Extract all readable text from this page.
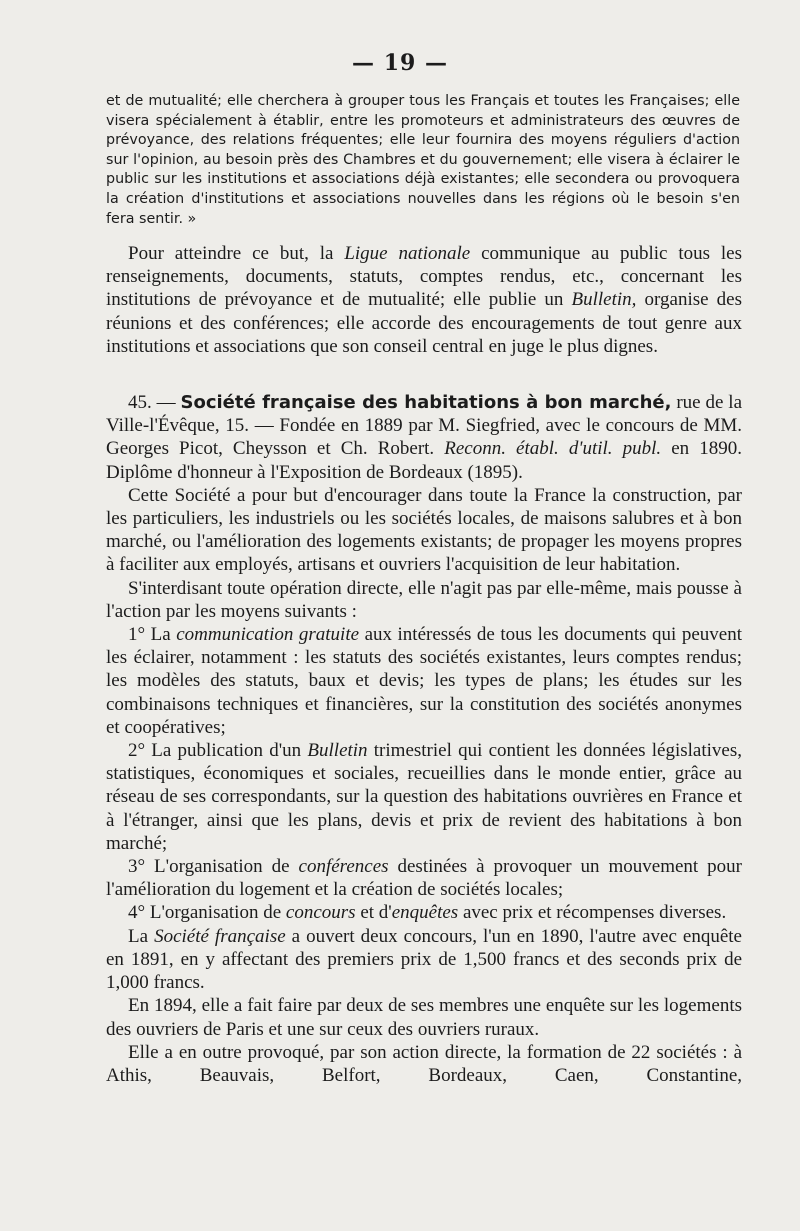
— 19 —

et de mutualité; elle cherchera à grouper tous les Français et toutes les Françaises; elle visera spécialement à établir, entre les promoteurs et administrateurs des œuvres de prévoyance, des relations fréquentes; elle leur fournira des moyens réguliers d'action sur l'opinion, au besoin près des Chambres et du gouvernement; elle visera à éclairer le public sur les institutions et associations déjà existantes; elle secondera ou provoquera la création d'institutions et associations nouvelles dans les régions où le besoin s'en fera sentir. »

Pour atteindre ce but, la Ligue nationale communique au public tous les renseignements, documents, statuts, comptes rendus, etc., concernant les institutions de prévoyance et de mutualité; elle publie un Bulletin, organise des réunions et des conférences; elle accorde des encouragements de tout genre aux institutions et associations que son conseil central en juge le plus dignes.

45. — Société française des habitations à bon marché, rue de la Ville-l'Évêque, 15. — Fondée en 1889 par M. Siegfried, avec le concours de MM. Georges Picot, Cheysson et Ch. Robert. Reconn. établ. d'util. publ. en 1890. Diplôme d'honneur à l'Exposition de Bordeaux (1895).

Cette Société a pour but d'encourager dans toute la France la construction, par les particuliers, les industriels ou les sociétés locales, de maisons salubres et à bon marché, ou l'amélioration des logements existants; de propager les moyens propres à faciliter aux employés, artisans et ouvriers l'acquisition de leur habitation.

S'interdisant toute opération directe, elle n'agit pas par elle-même, mais pousse à l'action par les moyens suivants :

1° La communication gratuite aux intéressés de tous les documents qui peuvent les éclairer, notamment : les statuts des sociétés existantes, leurs comptes rendus; les modèles des statuts, baux et devis; les types de plans; les études sur les combinaisons techniques et financières, sur la constitution des sociétés anonymes et coopératives;

2° La publication d'un Bulletin trimestriel qui contient les données législatives, statistiques, économiques et sociales, recueillies dans le monde entier, grâce au réseau de ses correspondants, sur la question des habitations ouvrières en France et à l'étranger, ainsi que les plans, devis et prix de revient des habitations à bon marché;

3° L'organisation de conférences destinées à provoquer un mouvement pour l'amélioration du logement et la création de sociétés locales;

4° L'organisation de concours et d'enquêtes avec prix et récompenses diverses.

La Société française a ouvert deux concours, l'un en 1890, l'autre avec enquête en 1891, en y affectant des premiers prix de 1,500 francs et des seconds prix de 1,000 francs.

En 1894, elle a fait faire par deux de ses membres une enquête sur les logements des ouvriers de Paris et une sur ceux des ouvriers ruraux.

Elle a en outre provoqué, par son action directe, la formation de 22 sociétés : à Athis, Beauvais, Belfort, Bordeaux, Caen, Constantine,
